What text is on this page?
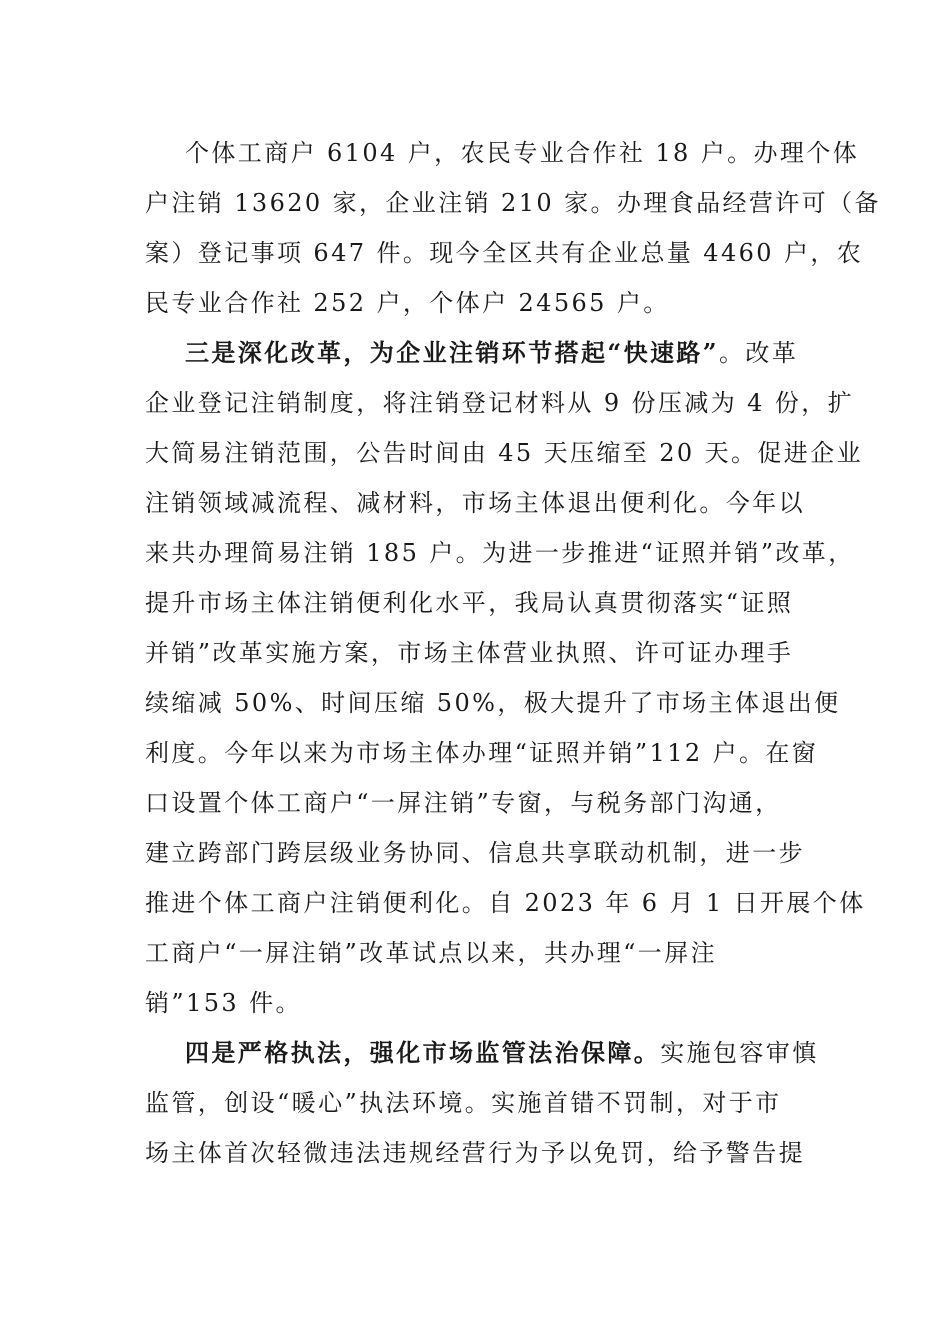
个体工商户 6104 户，农民专业合作社 18 户。办理个体
户注销 13620 家，企业注销 210 家。办理食品经营许可（备
案）登记事项 647 件。现今全区共有企业总量 4460 户，农
民专业合作社 252 户，个体户 24565 户。
三是深化改革，为企业注销环节搭起“快速路”。改革
企业登记注销制度，将注销登记材料从 9 份压减为 4 份，扩
大简易注销范围，公告时间由 45 天压缩至 20 天。促进企业
注销领域减流程、减材料，市场主体退出便利化。今年以
来共办理简易注销 185 户。为进一步推进“证照并销”改革，
提升市场主体注销便利化水平，我局认真贯彻落实“证照
并销”改革实施方案，市场主体营业执照、许可证办理手
续缩减 50%、时间压缩 50%，极大提升了市场主体退出便
利度。今年以来为市场主体办理“证照并销”112 户。在窗
口设置个体工商户“一屏注销”专窗，与税务部门沟通，
建立跨部门跨层级业务协同、信息共享联动机制，进一步
推进个体工商户注销便利化。自 2023 年 6 月 1 日开展个体
工商户“一屏注销”改革试点以来，共办理“一屏注
销”153 件。
四是严格执法，强化市场监管法治保障。实施包容审慎
监管，创设“暖心”执法环境。实施首错不罚制，对于市
场主体首次轻微违法违规经营行为予以免罚，给予警告提
